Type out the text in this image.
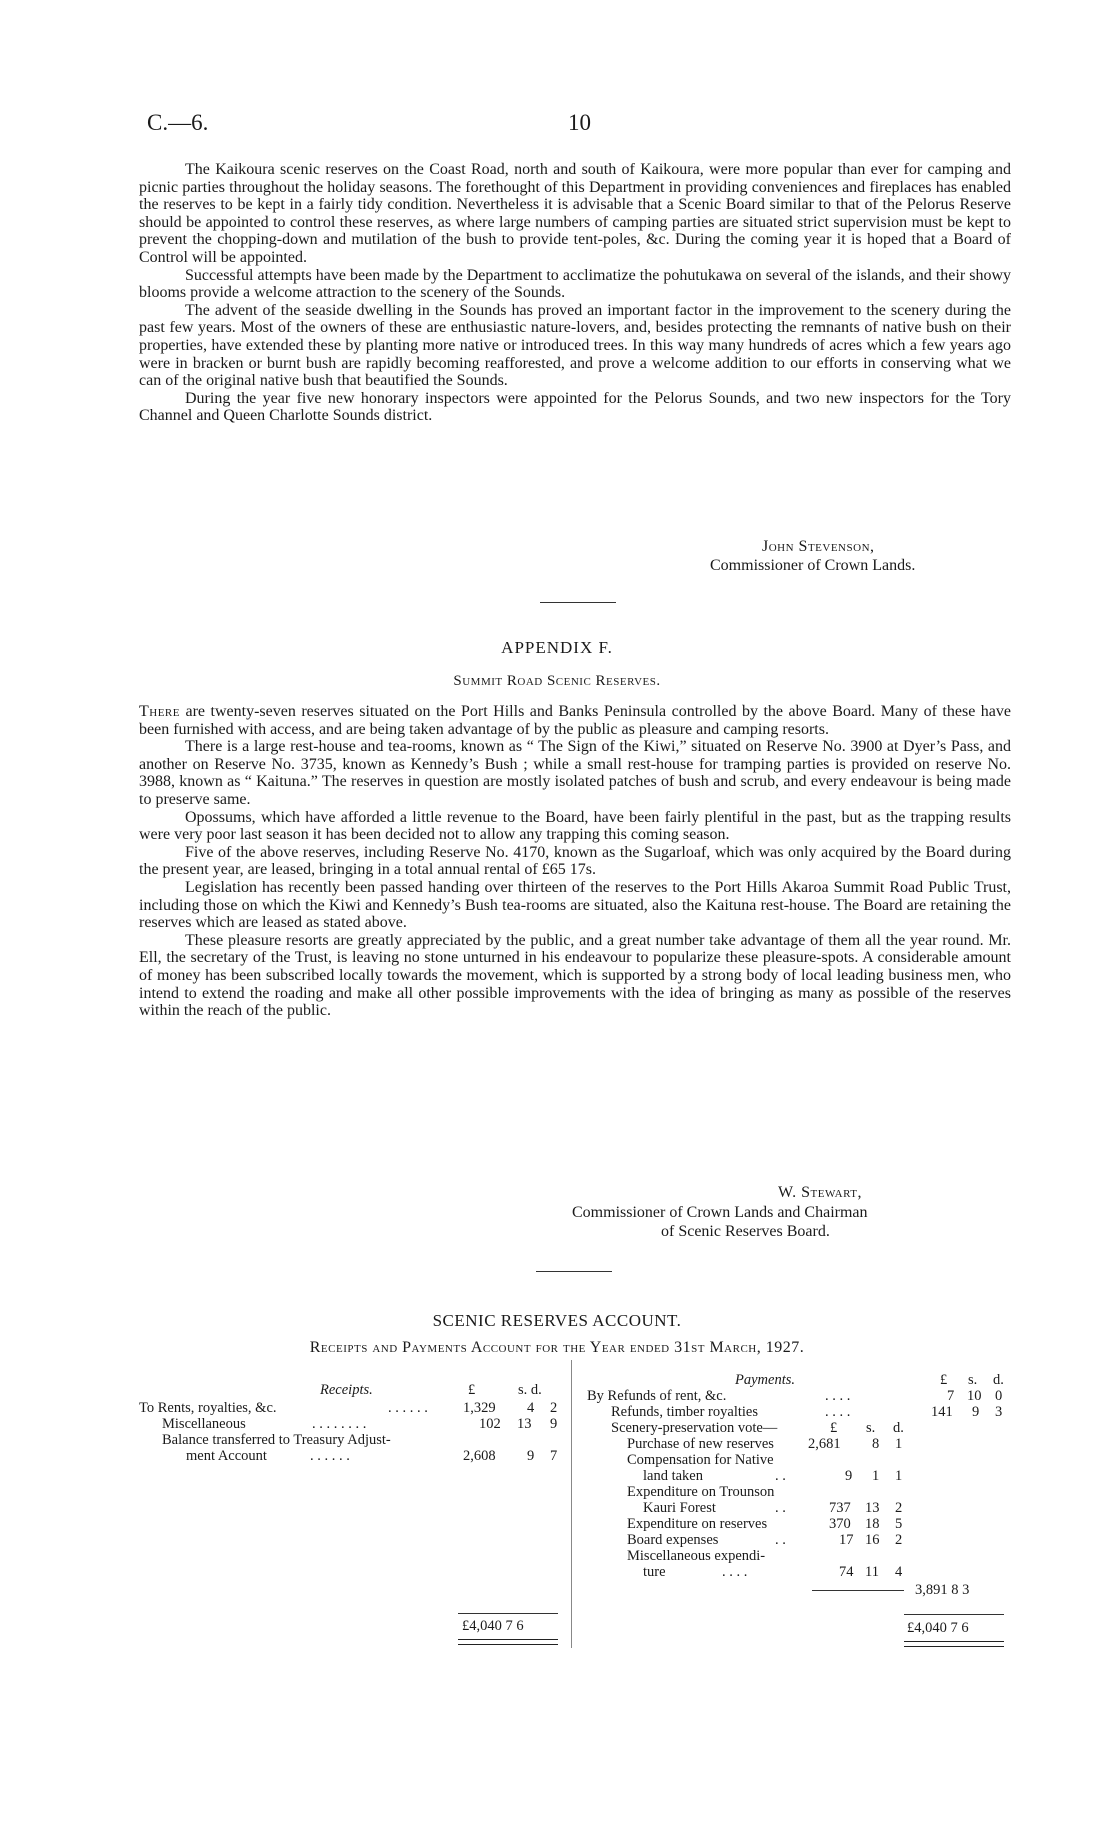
C.—6.	10

The Kaikoura scenic reserves on the Coast Road, north and south of Kaikoura, were more popular than ever for camping and picnic parties throughout the holiday seasons. The forethought of this Department in providing conveniences and fireplaces has enabled the reserves to be kept in a fairly tidy condition. Nevertheless it is advisable that a Scenic Board similar to that of the Pelorus Reserve should be appointed to control these reserves, as where large numbers of camping parties are situated strict supervision must be kept to prevent the chopping-down and mutilation of the bush to provide tent-poles, &c. During the coming year it is hoped that a Board of Control will be appointed.

Successful attempts have been made by the Department to acclimatize the pohutukawa on several of the islands, and their showy blooms provide a welcome attraction to the scenery of the Sounds.

The advent of the seaside dwelling in the Sounds has proved an important factor in the improvement to the scenery during the past few years. Most of the owners of these are enthusiastic nature-lovers, and, besides protecting the remnants of native bush on their properties, have extended these by planting more native or introduced trees. In this way many hundreds of acres which a few years ago were in bracken or burnt bush are rapidly becoming reafforested, and prove a welcome addition to our efforts in conserving what we can of the original native bush that beautified the Sounds.

During the year five new honorary inspectors were appointed for the Pelorus Sounds, and two new inspectors for the Tory Channel and Queen Charlotte Sounds district.

John Stevenson,
Commissioner of Crown Lands.
APPENDIX F.
Summit Road Scenic Reserves.

There are twenty-seven reserves situated on the Port Hills and Banks Peninsula controlled by the above Board. Many of these have been furnished with access, and are being taken advantage of by the public as pleasure and camping resorts.

There is a large rest-house and tea-rooms, known as “ The Sign of the Kiwi,” situated on Reserve No. 3900 at Dyer’s Pass, and another on Reserve No. 3735, known as Kennedy’s Bush ; while a small rest-house for tramping parties is provided on reserve No. 3988, known as “ Kaituna.” The reserves in question are mostly isolated patches of bush and scrub, and every endeavour is being made to preserve same.

Opossums, which have afforded a little revenue to the Board, have been fairly plentiful in the past, but as the trapping results were very poor last season it has been decided not to allow any trapping this coming season.

Five of the above reserves, including Reserve No. 4170, known as the Sugarloaf, which was only acquired by the Board during the present year, are leased, bringing in a total annual rental of £65 17s.

Legislation has recently been passed handing over thirteen of the reserves to the Port Hills Akaroa Summit Road Public Trust, including those on which the Kiwi and Kennedy’s Bush tea-rooms are situated, also the Kaituna rest-house. The Board are retaining the reserves which are leased as stated above.

These pleasure resorts are greatly appreciated by the public, and a great number take advantage of them all the year round. Mr. Ell, the secretary of the Trust, is leaving no stone unturned in his endeavour to popularize these pleasure-spots. A considerable amount of money has been subscribed locally towards the movement, which is supported by a strong body of local leading business men, who intend to extend the roading and make all other possible improvements with the idea of bringing as many as possible of the reserves within the reach of the public.

W. Stewart,
Commissioner of Crown Lands and Chairman
of Scenic Reserves Board.
SCENIC RESERVES ACCOUNT.
Receipts and Payments Account for the Year ended 31st March, 1927.
Receipts.	£	s. d.
To Rents, royalties, &c.	. . . . . . 1,329 4 2
Miscellaneous	. . . . . . . .	102 13 9
Balance transferred to Treasury Adjust-
ment Account	. . . . . .	2,608 9 7
£4,040 7 6
Payments.	£ s. d.
By Refunds of rent, &c.	. . . .	7 10 0
Refunds, timber royalties	. . . .	141 9 3
Scenery-preservation vote—	£ s. d.
Purchase of new reserves 2,681 8 1
Compensation for Native
land taken	. .	9 1 1
Expenditure on Trounson
Kauri Forest	. .	737 13 2
Expenditure on reserves	370 18 5
Board expenses	. .	17 16 2
Miscellaneous expendi-
ture	. . . .	74 11 4
3,891 8 3
£4,040 7 6
